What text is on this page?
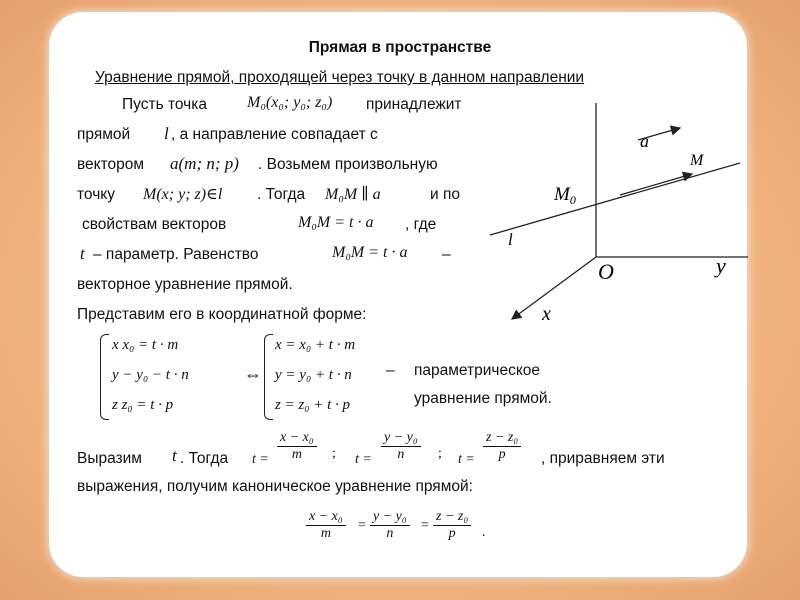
Прямая в пространстве
Уравнение прямой, проходящей через точку в данном направлении
Пусть точка	M₀(x₀; y₀; z₀) принадлежит
прямой l , а направление совпадает с
вектором a(m; n; p) . Возьмем произвольную
точку M(x; y; z)∈l . Тогда M₀M ∥ a	и по
свойствам векторов	M₀M = t · a , где
t – параметр. Равенство	M₀M = t · a –
векторное уравнение прямой.
Представим его в координатной форме:
x x₀ = t · m
y − y₀ − t · n
z z₀ = t · p
⇔
x = x₀ + t · m
y = y₀ + t · n
z = z₀ + t · p
– параметрическое
уравнение прямой.
Выразим t . Тогда $t = \frac{\text{x − x₀}}{m}$ ; $t = \frac{\text{y − y₀}}{n}$ ; $t = \frac{\text{z − z₀}}{p}$ , приравняем эти
выражения, получим каноническое уравнение прямой:
$\frac{\text{x − x₀}}{m} = \frac{\text{y − y₀}}{n} = \frac{\text{z − z₀}}{p}$ .
$M_0$
M
a
l
O	y
x
